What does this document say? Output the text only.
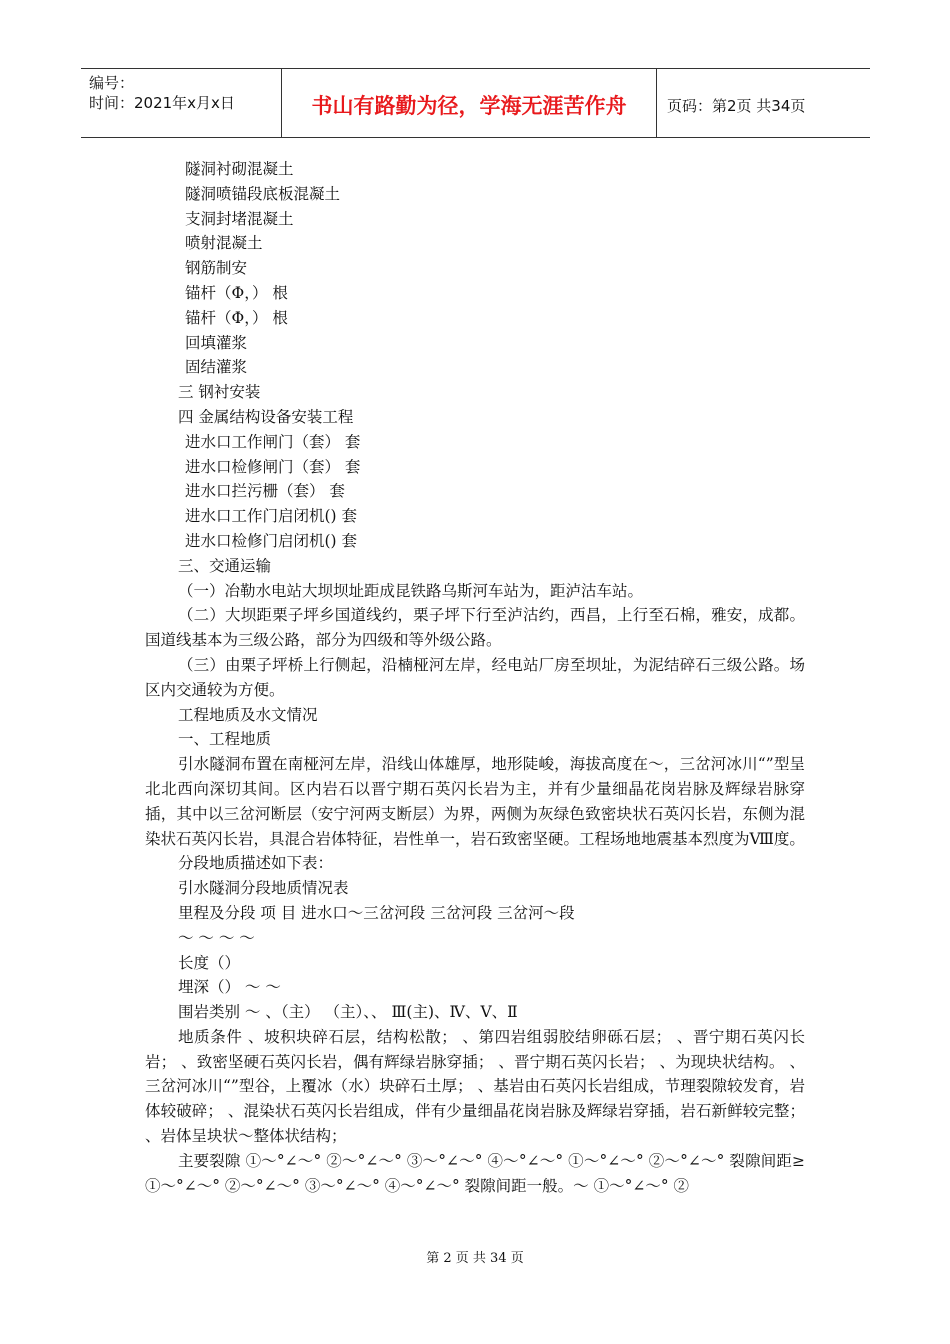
编号：
时间：2021年x月x日	书山有路勤为径，学海无涯苦作舟	页码：第2页 共34页
隧洞衬砌混凝土
隧洞喷锚段底板混凝土
支洞封堵混凝土
喷射混凝土
钢筋制安
锚杆（Φ，） 根
锚杆（Φ，） 根
回填灌浆
固结灌浆
三 钢衬安装
四 金属结构设备安装工程
进水口工作闸门（套） 套
进水口检修闸门（套） 套
进水口拦污栅（套） 套
进水口工作门启闭机() 套
进水口检修门启闭机() 套
三、交通运输
（一）冶勒水电站大坝坝址距成昆铁路乌斯河车站为，距泸沽车站。
（二）大坝距栗子坪乡国道线约，栗子坪下行至泸沽约，西昌，上行至石棉，雅安，成都。国道线基本为三级公路，部分为四级和等外级公路。
（三）由栗子坪桥上行侧起，沿楠桠河左岸，经电站厂房至坝址，为泥结碎石三级公路。场区内交通较为方便。
工程地质及水文情况
一、工程地质
引水隧洞布置在南桠河左岸，沿线山体雄厚，地形陡峻，海拔高度在～，三岔河冰川“”型呈北北西向深切其间。区内岩石以晋宁期石英闪长岩为主，并有少量细晶花岗岩脉及辉绿岩脉穿插，其中以三岔河断层（安宁河两支断层）为界，两侧为灰绿色致密块状石英闪长岩，东侧为混染状石英闪长岩，具混合岩体特征，岩性单一，岩石致密坚硬。工程场地地震基本烈度为Ⅷ度。
分段地质描述如下表：
引水隧洞分段地质情况表
里程及分段 项 目 进水口～三岔河段 三岔河段 三岔河～段
～ ～ ～ ～
长度（）
埋深（） ～ ～
围岩类别 ～ 、（主） （主）、、 Ⅲ(主)、Ⅳ、Ⅴ、Ⅱ
地质条件 、坡积块碎石层，结构松散； 、第四岩组弱胶结卵砾石层； 、晋宁期石英闪长岩； 、致密坚硬石英闪长岩，偶有辉绿岩脉穿插； 、晋宁期石英闪长岩； 、为现块状结构。 、三岔河冰川“”型谷，上覆冰（水）块碎石土厚； 、基岩由石英闪长岩组成，节理裂隙较发育，岩体较破碎； 、混染状石英闪长岩组成，伴有少量细晶花岗岩脉及辉绿岩穿插，岩石新鲜较完整； 、岩体呈块状～整体状结构；
主要裂隙 ①～°∠～° ②～°∠～° ③～°∠～° ④～°∠～° ①～°∠～° ②～°∠～° 裂隙间距≥ ①～°∠～° ②～°∠～° ③～°∠～° ④～°∠～° 裂隙间距一般。～ ①～°∠～° ②
第 2 页 共 34 页
